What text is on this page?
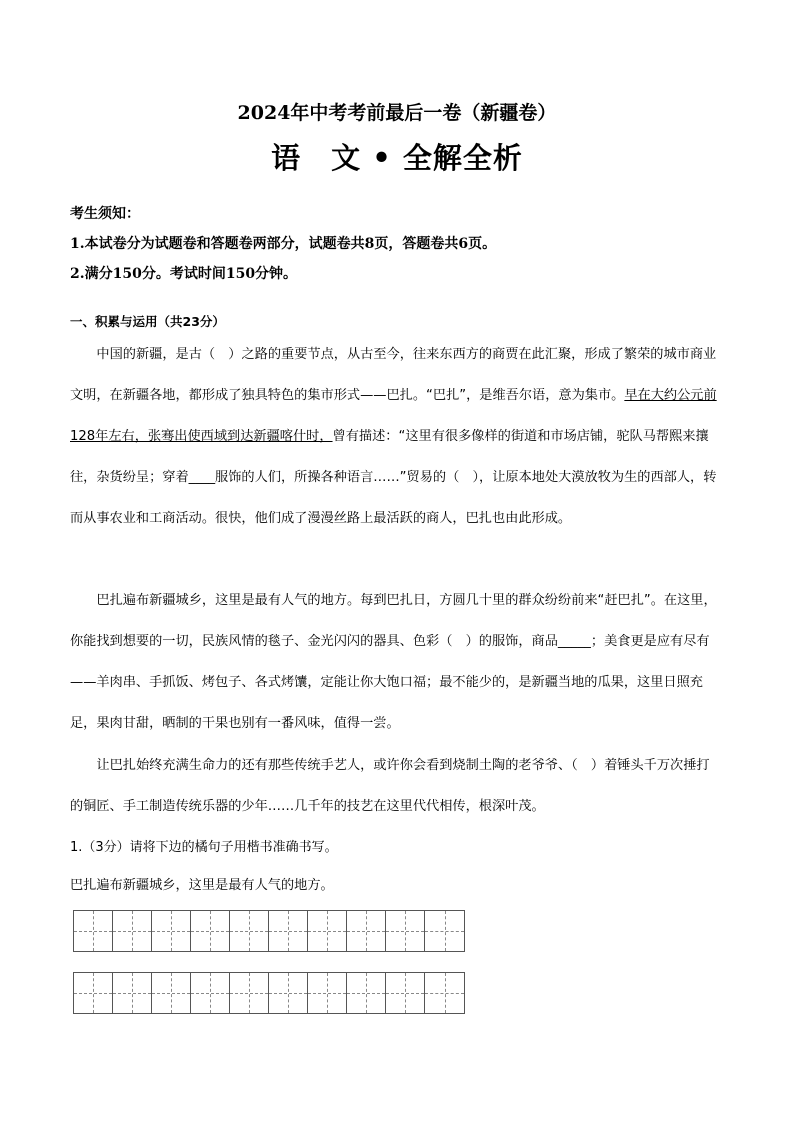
2024年中考考前最后一卷（新疆卷）
语　文 • 全解全析
考生须知：
1.本试卷分为试题卷和答题卷两部分，试题卷共8页，答题卷共6页。
2.满分150分。考试时间150分钟。
一、积累与运用（共23分）

中国的新疆，是古（　）之路的重要节点，从古至今，往来东西方的商贾在此汇聚，形成了繁荣的城市商业文明，在新疆各地，都形成了独具特色的集市形式——巴扎。“巴扎”，是维吾尔语，意为集市。早在大约公元前128年左右，张骞出使西域到达新疆喀什时，曾有描述：“这里有很多像样的街道和市场店铺，驼队马帮熙来攘往，杂货纷呈；穿着____服饰的人们，所操各种语言……”贸易的（　），让原本地处大漠放牧为生的西部人，转而从事农业和工商活动。很快，他们成了漫漫丝路上最活跃的商人，巴扎也由此形成。

巴扎遍布新疆城乡，这里是最有人气的地方。每到巴扎日，方圆几十里的群众纷纷前来“赶巴扎”。在这里，你能找到想要的一切，民族风情的毯子、金光闪闪的器具、色彩（　）的服饰，商品_____；美食更是应有尽有——羊肉串、手抓饭、烤包子、各式烤馕，定能让你大饱口福；最不能少的，是新疆当地的瓜果，这里日照充足，果肉甘甜，晒制的干果也别有一番风味，值得一尝。

让巴扎始终充满生命力的还有那些传统手艺人，或许你会看到烧制土陶的老爷爷、（　）着锤头千万次捶打的铜匠、手工制造传统乐器的少年……几千年的技艺在这里代代相传，根深叶茂。

1.（3分）请将下边的橘句子用楷书准确书写。
巴扎遍布新疆城乡，这里是最有人气的地方。
